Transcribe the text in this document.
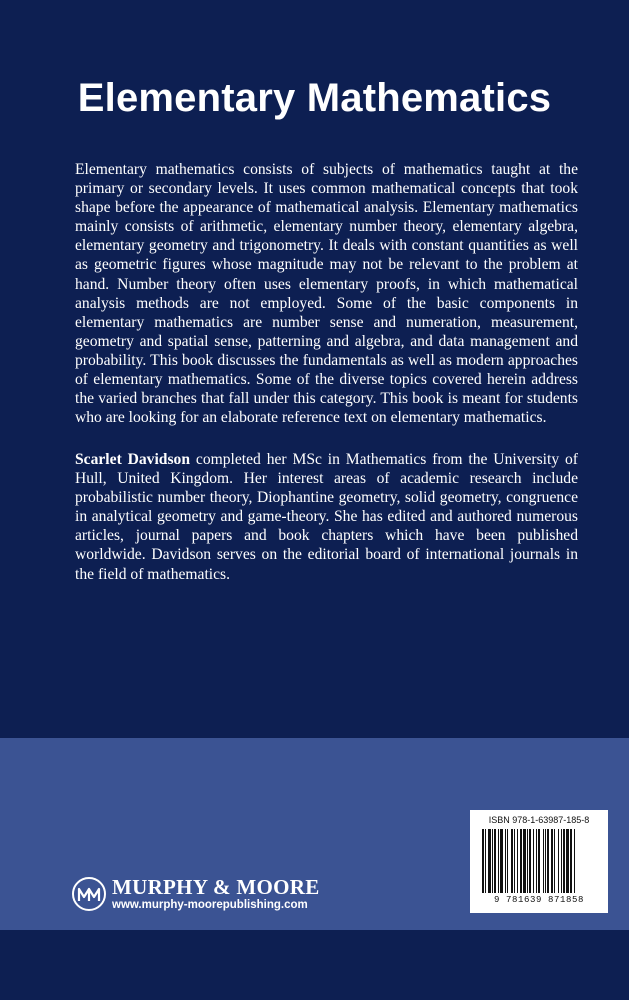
Elementary Mathematics

Elementary mathematics consists of subjects of mathematics taught at the primary or secondary levels. It uses common mathematical concepts that took shape before the appearance of mathematical analysis. Elementary mathematics mainly consists of arithmetic, elementary number theory, elementary algebra, elementary geometry and trigonometry. It deals with constant quantities as well as geometric figures whose magnitude may not be relevant to the problem at hand. Number theory often uses elementary proofs, in which mathematical analysis methods are not employed. Some of the basic components in elementary mathematics are number sense and numeration, measurement, geometry and spatial sense, patterning and algebra, and data management and probability. This book discusses the fundamentals as well as modern approaches of elementary mathematics. Some of the diverse topics covered herein address the varied branches that fall under this category. This book is meant for students who are looking for an elaborate reference text on elementary mathematics.

Scarlet Davidson completed her MSc in Mathematics from the University of Hull, United Kingdom. Her interest areas of academic research include probabilistic number theory, Diophantine geometry, solid geometry, congruence in analytical geometry and game-theory. She has edited and authored numerous articles, journal papers and book chapters which have been published worldwide. Davidson serves on the editorial board of international journals in the field of mathematics.

MURPHY & MOORE
www.murphy-moorepublishing.com
ISBN 978-1-63987-185-8
9 781639 871858
